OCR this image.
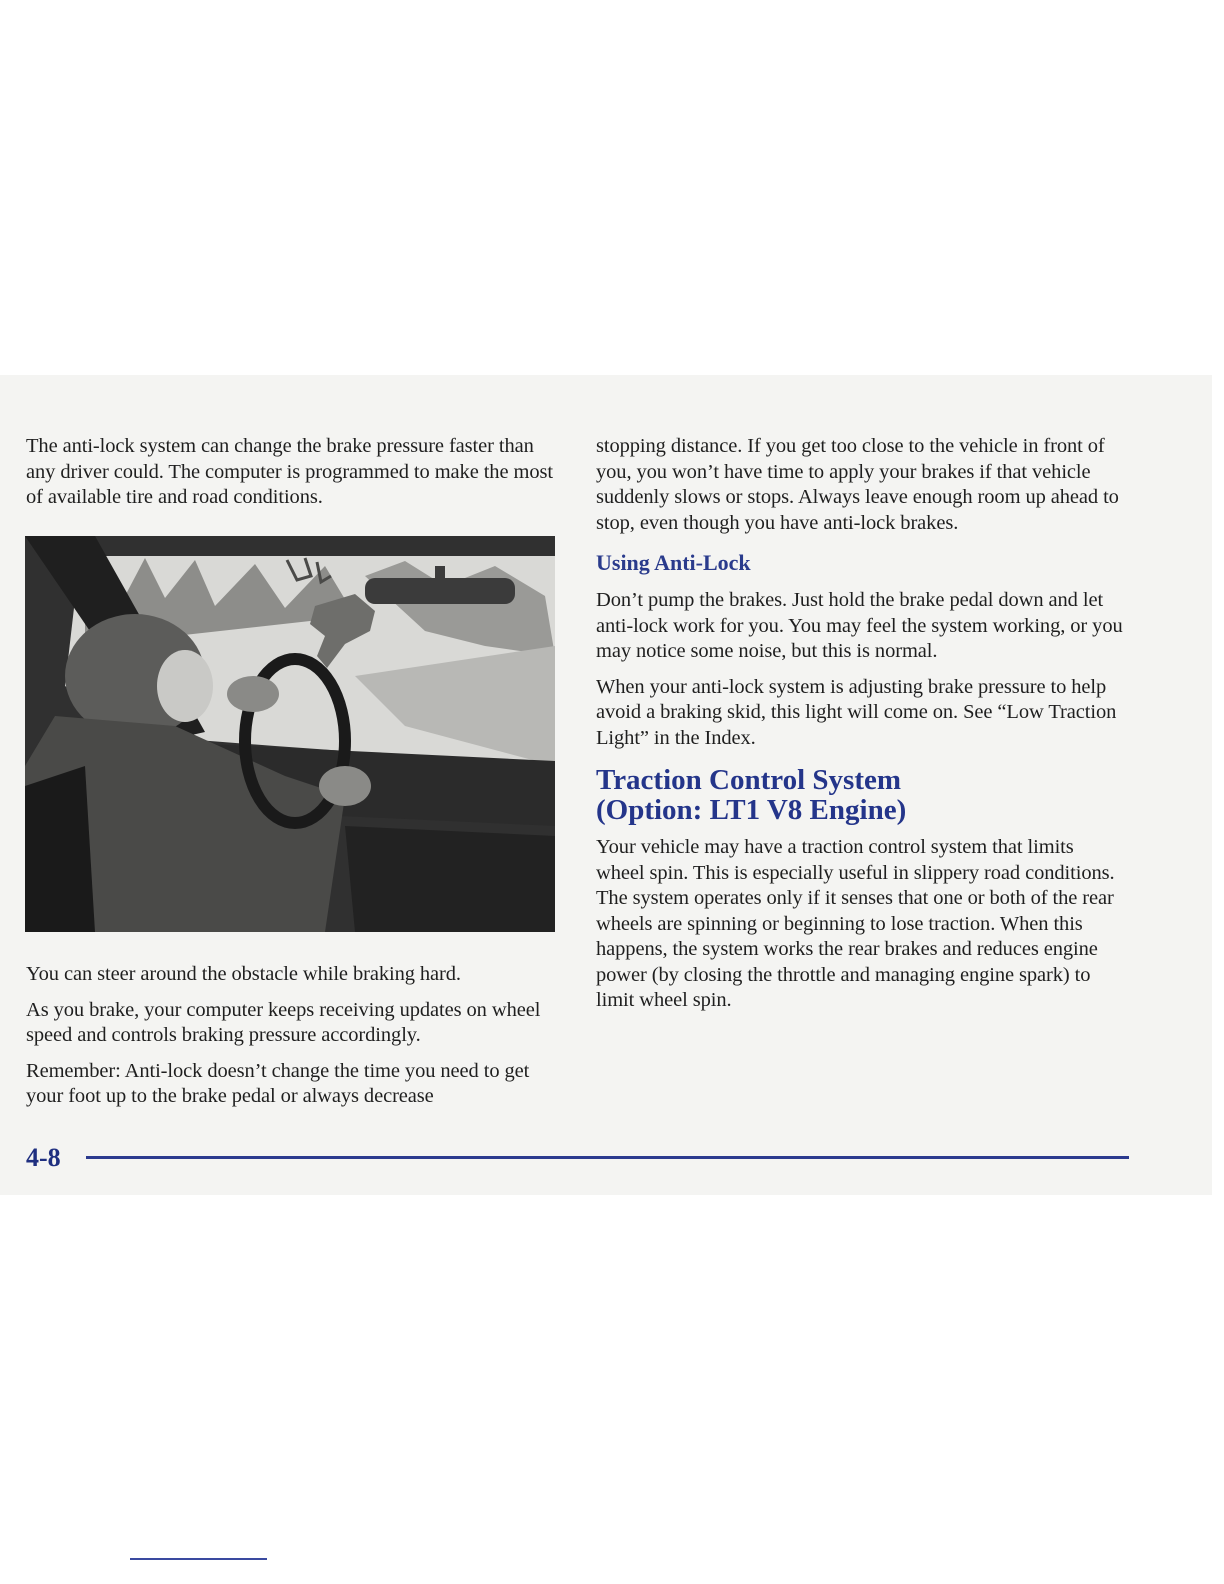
The anti-lock system can change the brake pressure faster than any driver could. The computer is programmed to make the most of available tire and road conditions.

You can steer around the obstacle while braking hard.

As you brake, your computer keeps receiving updates on wheel speed and controls braking pressure accordingly.

Remember: Anti-lock doesn’t change the time you need to get your foot up to the brake pedal or always decrease

stopping distance. If you get too close to the vehicle in front of you, you won’t have time to apply your brakes if that vehicle suddenly slows or stops. Always leave enough room up ahead to stop, even though you have anti-lock brakes.

Using Anti-Lock

Don’t pump the brakes. Just hold the brake pedal down and let anti-lock work for you. You may feel the system working, or you may notice some noise, but this is normal.

When your anti-lock system is adjusting brake pressure to help avoid a braking skid, this light will come on. See “Low Traction Light” in the Index.

Traction Control System
(Option: LT1 V8 Engine)

Your vehicle may have a traction control system that limits wheel spin. This is especially useful in slippery road conditions. The system operates only if it senses that one or both of the rear wheels are spinning or beginning to lose traction. When this happens, the system works the rear brakes and reduces engine power (by closing the throttle and managing engine spark) to limit wheel spin.

4-8
